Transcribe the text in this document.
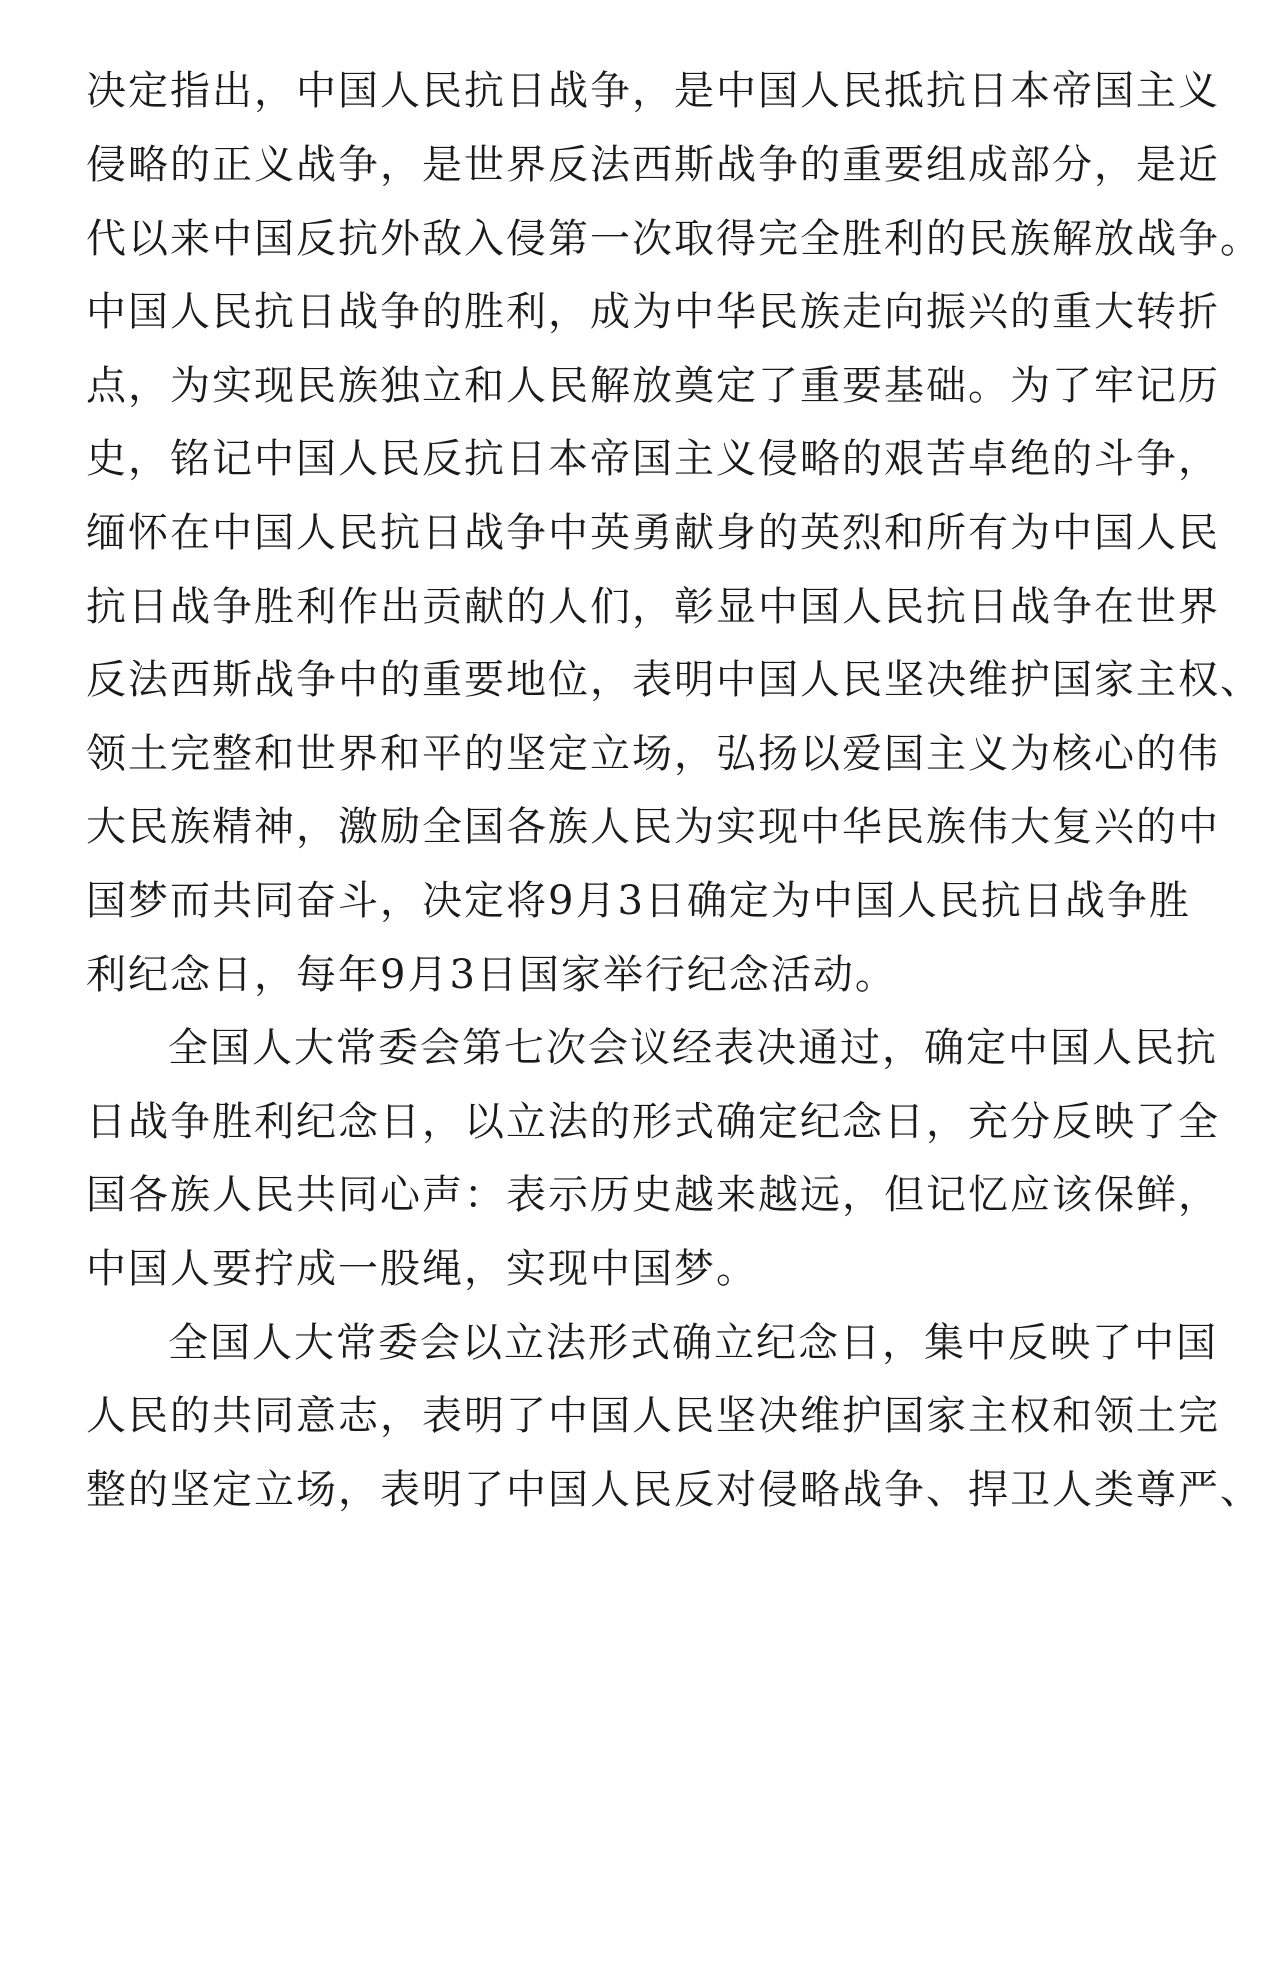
决定指出，中国人民抗日战争，是中国人民抵抗日本帝国主义
侵略的正义战争，是世界反法西斯战争的重要组成部分，是近
代以来中国反抗外敌入侵第一次取得完全胜利的民族解放战争。
中国人民抗日战争的胜利，成为中华民族走向振兴的重大转折
点，为实现民族独立和人民解放奠定了重要基础。为了牢记历
史，铭记中国人民反抗日本帝国主义侵略的艰苦卓绝的斗争，
缅怀在中国人民抗日战争中英勇献身的英烈和所有为中国人民
抗日战争胜利作出贡献的人们，彰显中国人民抗日战争在世界
反法西斯战争中的重要地位，表明中国人民坚决维护国家主权、
领土完整和世界和平的坚定立场，弘扬以爱国主义为核心的伟
大民族精神，激励全国各族人民为实现中华民族伟大复兴的中
国梦而共同奋斗，决定将9月3日确定为中国人民抗日战争胜
利纪念日，每年9月3日国家举行纪念活动。
全国人大常委会第七次会议经表决通过，确定中国人民抗
日战争胜利纪念日，以立法的形式确定纪念日，充分反映了全
国各族人民共同心声：表示历史越来越远，但记忆应该保鲜，
中国人要拧成一股绳，实现中国梦。
全国人大常委会以立法形式确立纪念日，集中反映了中国
人民的共同意志，表明了中国人民坚决维护国家主权和领土完
整的坚定立场，表明了中国人民反对侵略战争、捍卫人类尊严、
